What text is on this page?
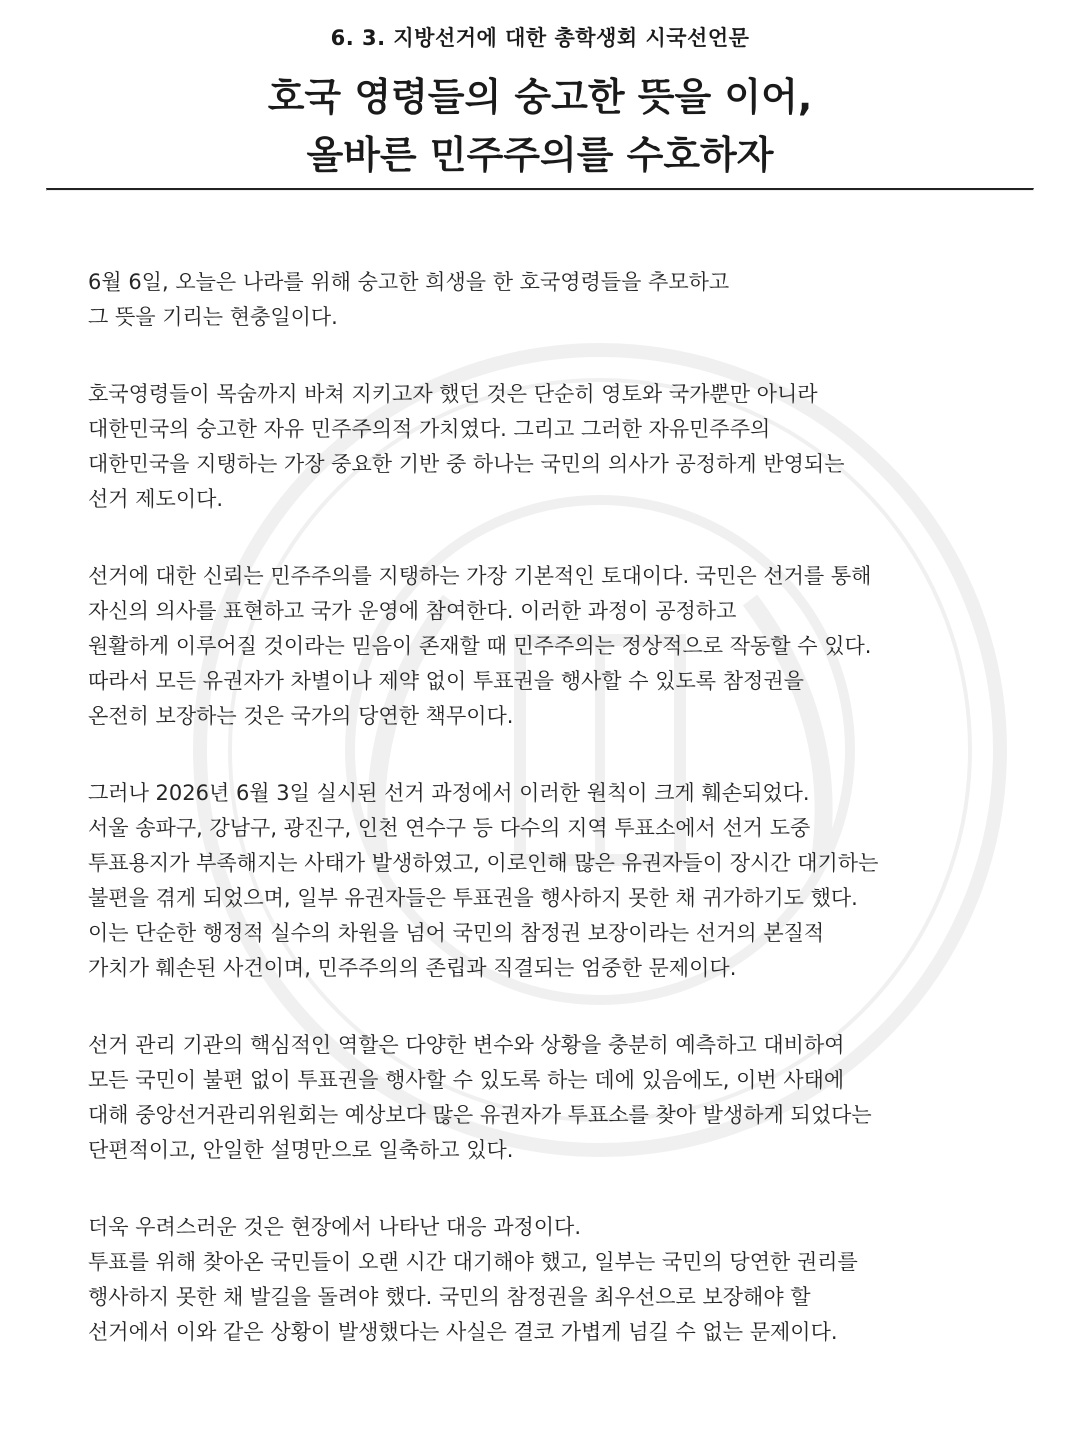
6. 3. 지방선거에 대한 총학생회 시국선언문
호국 영령들의 숭고한 뜻을 이어,
올바른 민주주의를 수호하자

6월 6일, 오늘은 나라를 위해 숭고한 희생을 한 호국영령들을 추모하고
그 뜻을 기리는 현충일이다.

호국영령들이 목숨까지 바쳐 지키고자 했던 것은 단순히 영토와 국가뿐만 아니라
대한민국의 숭고한 자유 민주주의적 가치였다. 그리고 그러한 자유민주주의
대한민국을 지탱하는 가장 중요한 기반 중 하나는 국민의 의사가 공정하게 반영되는
선거 제도이다.

선거에 대한 신뢰는 민주주의를 지탱하는 가장 기본적인 토대이다. 국민은 선거를 통해
자신의 의사를 표현하고 국가 운영에 참여한다. 이러한 과정이 공정하고
원활하게 이루어질 것이라는 믿음이 존재할 때 민주주의는 정상적으로 작동할 수 있다.
따라서 모든 유권자가 차별이나 제약 없이 투표권을 행사할 수 있도록 참정권을
온전히 보장하는 것은 국가의 당연한 책무이다.

그러나 2026년 6월 3일 실시된 선거 과정에서 이러한 원칙이 크게 훼손되었다.
서울 송파구, 강남구, 광진구, 인천 연수구 등 다수의 지역 투표소에서 선거 도중
투표용지가 부족해지는 사태가 발생하였고, 이로인해 많은 유권자들이 장시간 대기하는
불편을 겪게 되었으며, 일부 유권자들은 투표권을 행사하지 못한 채 귀가하기도 했다.
이는 단순한 행정적 실수의 차원을 넘어 국민의 참정권 보장이라는 선거의 본질적
가치가 훼손된 사건이며, 민주주의의 존립과 직결되는 엄중한 문제이다.

선거 관리 기관의 핵심적인 역할은 다양한 변수와 상황을 충분히 예측하고 대비하여
모든 국민이 불편 없이 투표권을 행사할 수 있도록 하는 데에 있음에도, 이번 사태에
대해 중앙선거관리위원회는 예상보다 많은 유권자가 투표소를 찾아 발생하게 되었다는
단편적이고, 안일한 설명만으로 일축하고 있다.

더욱 우려스러운 것은 현장에서 나타난 대응 과정이다.
투표를 위해 찾아온 국민들이 오랜 시간 대기해야 했고, 일부는 국민의 당연한 권리를
행사하지 못한 채 발길을 돌려야 했다. 국민의 참정권을 최우선으로 보장해야 할
선거에서 이와 같은 상황이 발생했다는 사실은 결코 가볍게 넘길 수 없는 문제이다.
